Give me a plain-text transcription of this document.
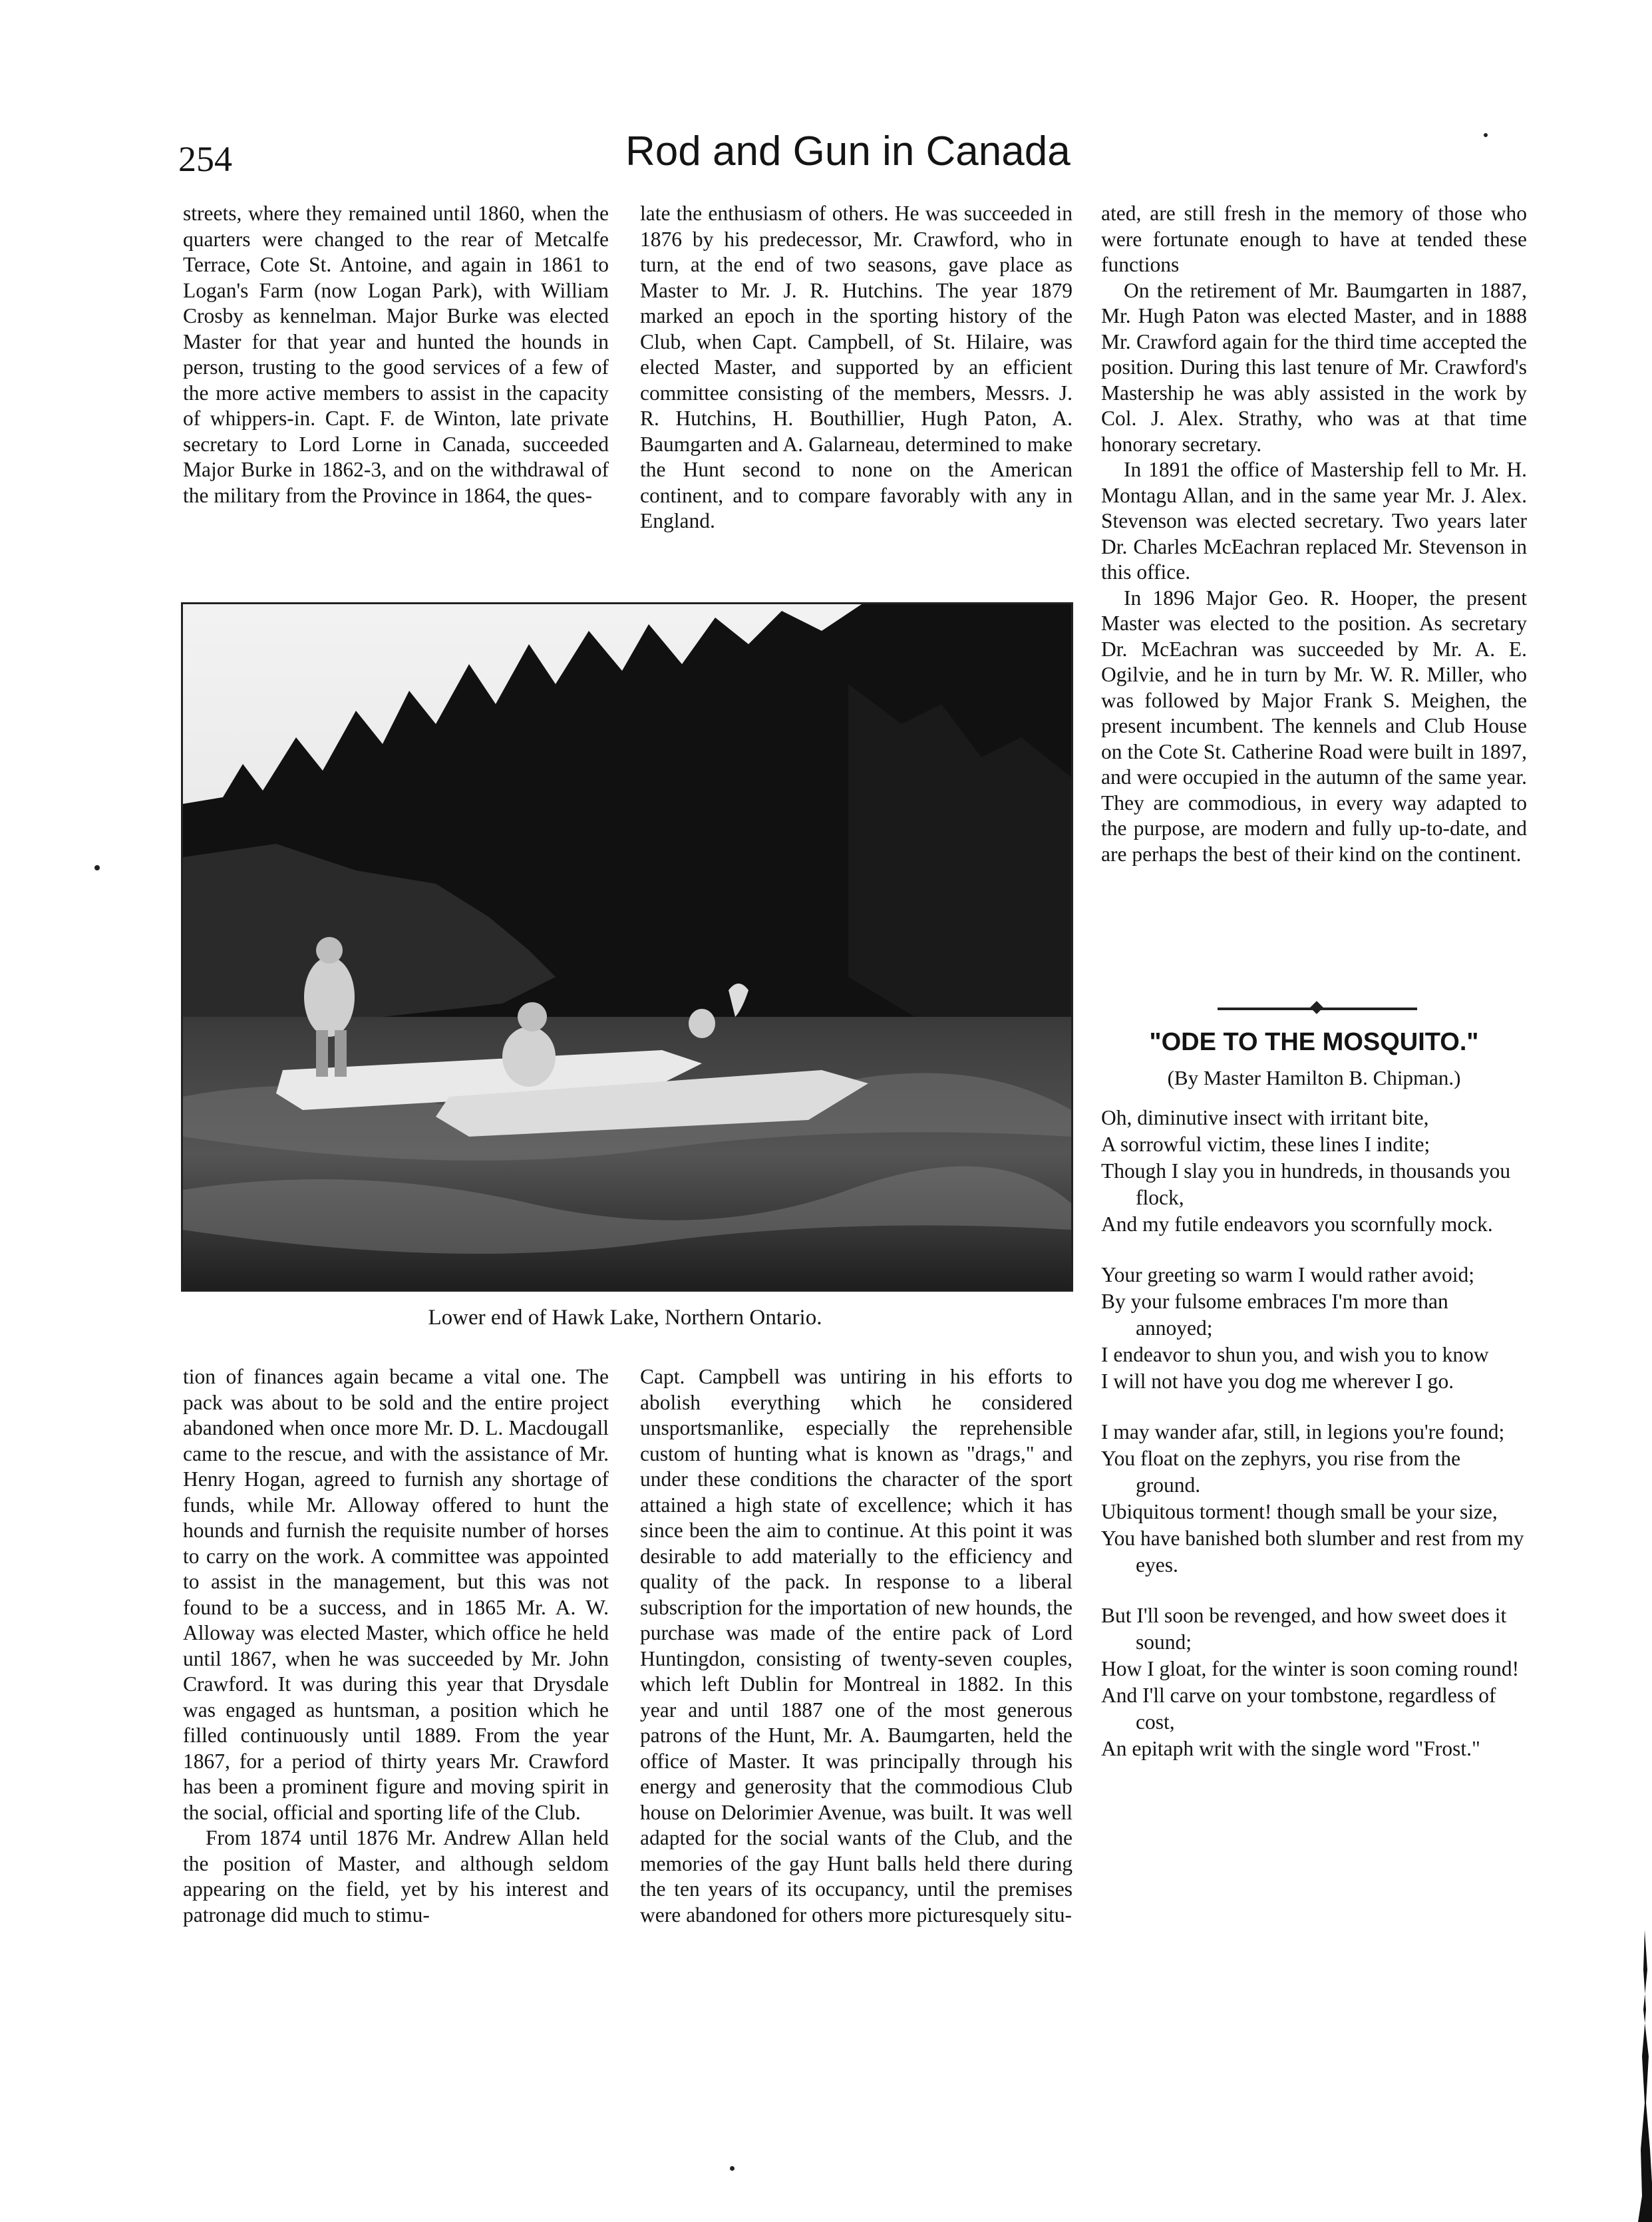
254	Rod and Gun in Canada

streets, where they remained until 1860, when the quarters were changed to the rear of Metcalfe Terrace, Cote St. Antoine, and again in 1861 to Logan's Farm (now Logan Park), with William Crosby as kennelman. Major Burke was elected Master for that year and hunted the hounds in person, trusting to the good services of a few of the more active members to assist in the capacity of whippers-in. Capt. F. de Winton, late private secretary to Lord Lorne in Canada, succeeded Major Burke in 1862-3, and on the withdrawal of the military from the Province in 1864, the ques-

late the enthusiasm of others. He was succeeded in 1876 by his predecessor, Mr. Crawford, who in turn, at the end of two seasons, gave place as Master to Mr. J. R. Hutchins. The year 1879 marked an epoch in the sporting history of the Club, when Capt. Campbell, of St. Hilaire, was elected Master, and supported by an efficient committee consisting of the members, Messrs. J. R. Hutchins, H. Bouthillier, Hugh Paton, A. Baumgarten and A. Galarneau, determined to make the Hunt second to none on the American continent, and to compare favorably with any in England.

ated, are still fresh in the memory of those who were fortunate enough to have at tended these functions

On the retirement of Mr. Baumgarten in 1887, Mr. Hugh Paton was elected Master, and in 1888 Mr. Crawford again for the third time accepted the position. During this last tenure of Mr. Crawford's Mastership he was ably assisted in the work by Col. J. Alex. Strathy, who was at that time honorary secretary.

In 1891 the office of Mastership fell to Mr. H. Montagu Allan, and in the same year Mr. J. Alex. Stevenson was elected secretary. Two years later Dr. Charles McEachran replaced Mr. Stevenson in this office.

In 1896 Major Geo. R. Hooper, the present Master was elected to the position. As secretary Dr. McEachran was succeeded by Mr. A. E. Ogilvie, and he in turn by Mr. W. R. Miller, who was followed by Major Frank S. Meighen, the present incumbent. The kennels and Club House on the Cote St. Catherine Road were built in 1897, and were occupied in the autumn of the same year. They are commodious, in every way adapted to the purpose, are modern and fully up-to-date, and are perhaps the best of their kind on the continent.

Lower end of Hawk Lake, Northern Ontario.

tion of finances again became a vital one. The pack was about to be sold and the entire project abandoned when once more Mr. D. L. Macdougall came to the rescue, and with the assistance of Mr. Henry Hogan, agreed to furnish any shortage of funds, while Mr. Alloway offered to hunt the hounds and furnish the requisite number of horses to carry on the work. A committee was appointed to assist in the management, but this was not found to be a success, and in 1865 Mr. A. W. Alloway was elected Master, which office he held until 1867, when he was succeeded by Mr. John Crawford. It was during this year that Drysdale was engaged as huntsman, a position which he filled continuously until 1889. From the year 1867, for a period of thirty years Mr. Crawford has been a prominent figure and moving spirit in the social, official and sporting life of the Club.

From 1874 until 1876 Mr. Andrew Allan held the position of Master, and although seldom appearing on the field, yet by his interest and patronage did much to stimu-

Capt. Campbell was untiring in his efforts to abolish everything which he considered unsportsmanlike, especially the reprehensible custom of hunting what is known as "drags," and under these conditions the character of the sport attained a high state of excellence; which it has since been the aim to continue. At this point it was desirable to add materially to the efficiency and quality of the pack. In response to a liberal subscription for the importation of new hounds, the purchase was made of the entire pack of Lord Huntingdon, consisting of twenty-seven couples, which left Dublin for Montreal in 1882. In this year and until 1887 one of the most generous patrons of the Hunt, Mr. A. Baumgarten, held the office of Master. It was principally through his energy and generosity that the commodious Club house on Delorimier Avenue, was built. It was well adapted for the social wants of the Club, and the memories of the gay Hunt balls held there during the ten years of its occupancy, until the premises were abandoned for others more picturesquely situ-

"ODE TO THE MOSQUITO."
(By Master Hamilton B. Chipman.)
Oh, diminutive insect with irritant bite,
A sorrowful victim, these lines I indite;
Though I slay you in hundreds, in thousands you flock,
And my futile endeavors you scornfully mock.
Your greeting so warm I would rather avoid;
By your fulsome embraces I'm more than annoyed;
I endeavor to shun you, and wish you to know
I will not have you dog me wherever I go.
I may wander afar, still, in legions you're found;
You float on the zephyrs, you rise from the ground.
Ubiquitous torment! though small be your size,
You have banished both slumber and rest from my eyes.
But I'll soon be revenged, and how sweet does it sound;
How I gloat, for the winter is soon coming round!
And I'll carve on your tombstone, regardless of cost,
An epitaph writ with the single word "Frost."
